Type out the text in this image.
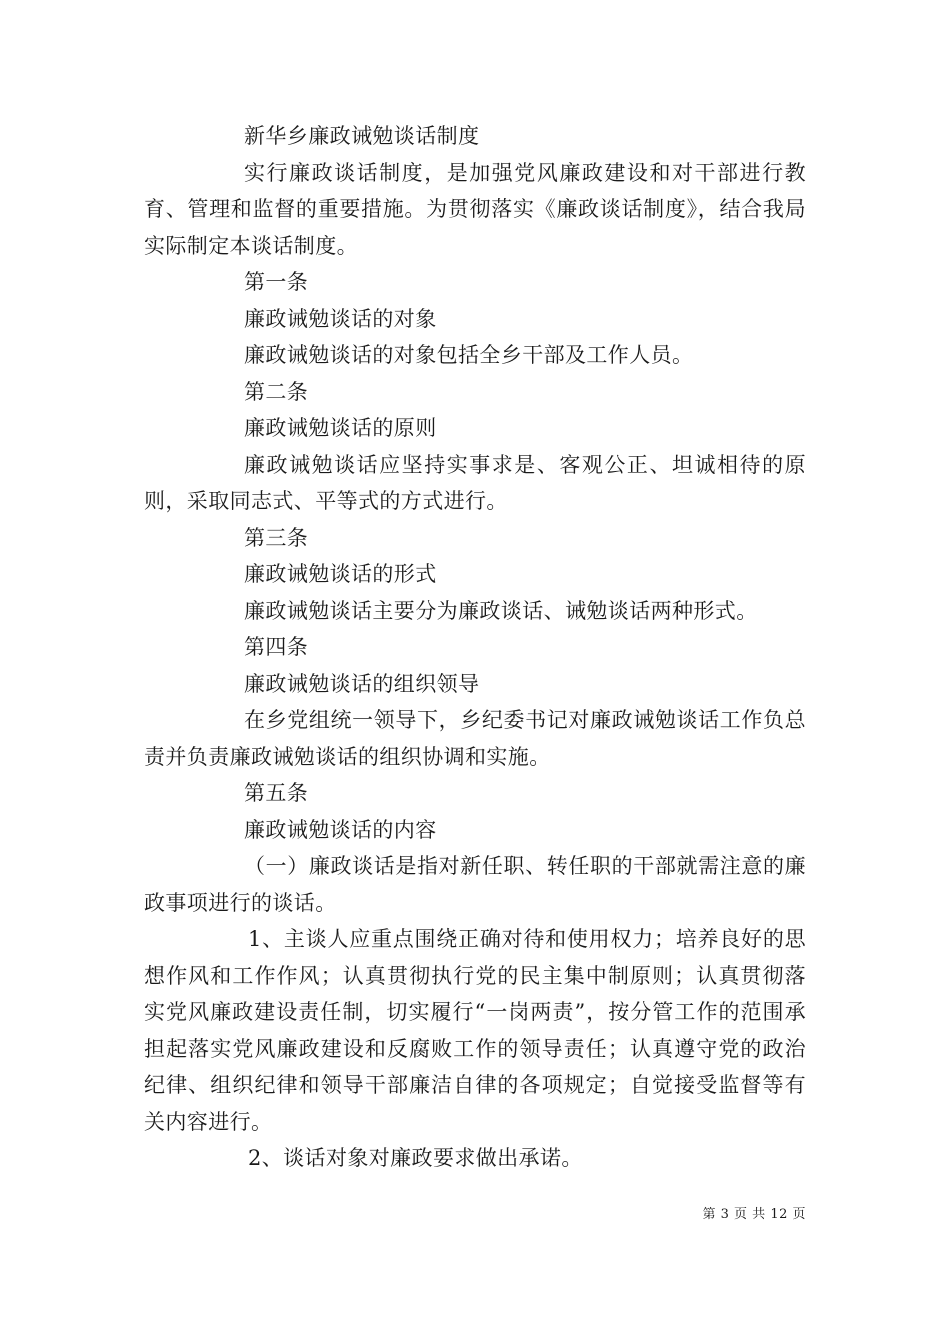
新华乡廉政诫勉谈话制度

实行廉政谈话制度，是加强党风廉政建设和对干部进行教育、管理和监督的重要措施。为贯彻落实《廉政谈话制度》，结合我局实际制定本谈话制度。

第一条

廉政诫勉谈话的对象

廉政诫勉谈话的对象包括全乡干部及工作人员。

第二条

廉政诫勉谈话的原则

廉政诫勉谈话应坚持实事求是、客观公正、坦诚相待的原则，采取同志式、平等式的方式进行。

第三条

廉政诫勉谈话的形式

廉政诫勉谈话主要分为廉政谈话、诫勉谈话两种形式。

第四条

廉政诫勉谈话的组织领导

在乡党组统一领导下，乡纪委书记对廉政诫勉谈话工作负总责并负责廉政诫勉谈话的组织协调和实施。

第五条

廉政诫勉谈话的内容

（一）廉政谈话是指对新任职、转任职的干部就需注意的廉政事项进行的谈话。

1、主谈人应重点围绕正确对待和使用权力；培养良好的思想作风和工作作风；认真贯彻执行党的民主集中制原则；认真贯彻落实党风廉政建设责任制，切实履行“一岗两责”，按分管工作的范围承担起落实党风廉政建设和反腐败工作的领导责任；认真遵守党的政治纪律、组织纪律和领导干部廉洁自律的各项规定；自觉接受监督等有关内容进行。

2、谈话对象对廉政要求做出承诺。

第 3 页 共 12 页
